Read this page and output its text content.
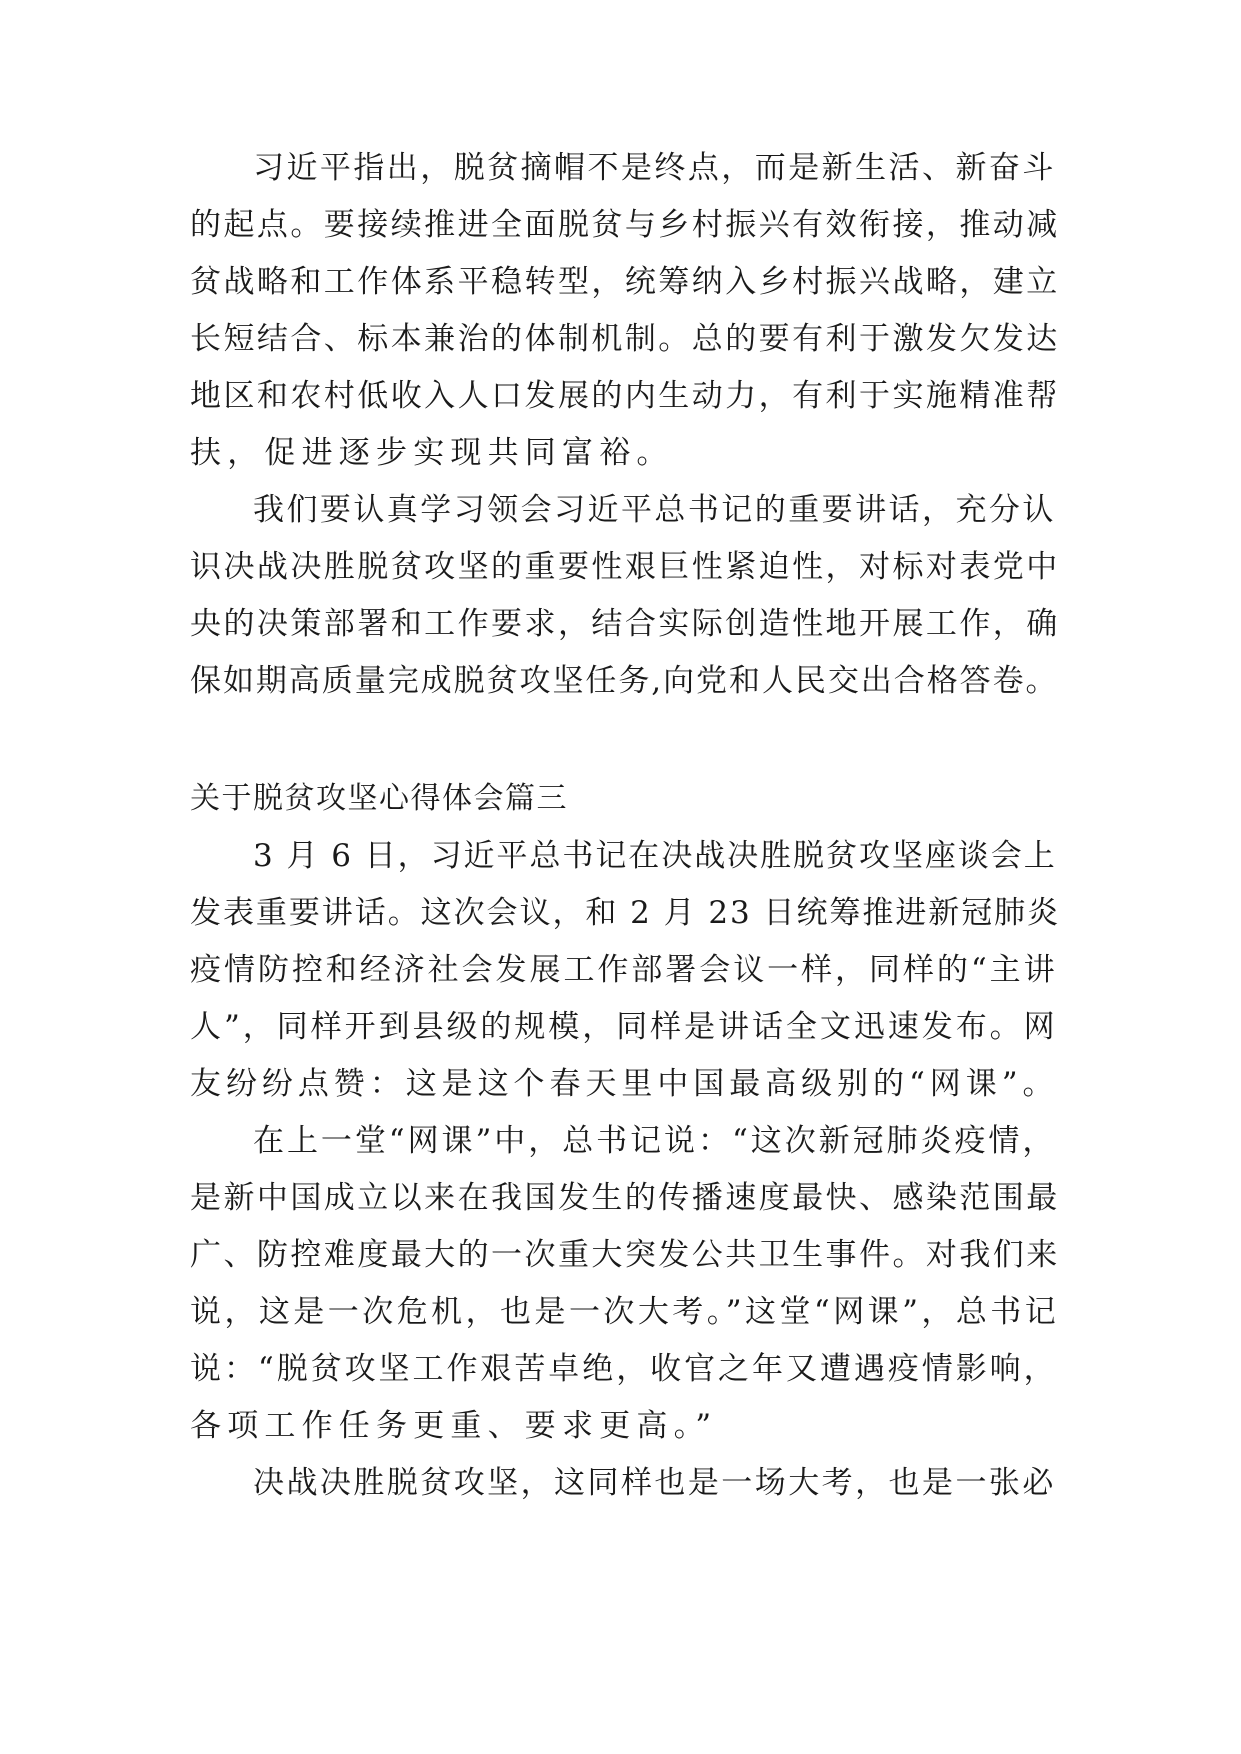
习近平指出，脱贫摘帽不是终点，而是新生活、新奋斗
的起点。要接续推进全面脱贫与乡村振兴有效衔接，推动减
贫战略和工作体系平稳转型，统筹纳入乡村振兴战略，建立
长短结合、标本兼治的体制机制。总的要有利于激发欠发达
地区和农村低收入人口发展的内生动力，有利于实施精准帮
扶，促进逐步实现共同富裕。
我们要认真学习领会习近平总书记的重要讲话，充分认
识决战决胜脱贫攻坚的重要性艰巨性紧迫性，对标对表党中
央的决策部署和工作要求，结合实际创造性地开展工作，确
保如期高质量完成脱贫攻坚任务,向党和人民交出合格答卷。
关于脱贫攻坚心得体会篇三
3 月 6 日，习近平总书记在决战决胜脱贫攻坚座谈会上
发表重要讲话。这次会议，和 2 月 23 日统筹推进新冠肺炎
疫情防控和经济社会发展工作部署会议一样，同样的“主讲
人”，同样开到县级的规模，同样是讲话全文迅速发布。网
友纷纷点赞：这是这个春天里中国最高级别的“网课”。
在上一堂“网课”中，总书记说：“这次新冠肺炎疫情，
是新中国成立以来在我国发生的传播速度最快、感染范围最
广、防控难度最大的一次重大突发公共卫生事件。对我们来
说，这是一次危机，也是一次大考。”这堂“网课”，总书记
说：“脱贫攻坚工作艰苦卓绝，收官之年又遭遇疫情影响，
各项工作任务更重、要求更高。”
决战决胜脱贫攻坚，这同样也是一场大考，也是一张必
